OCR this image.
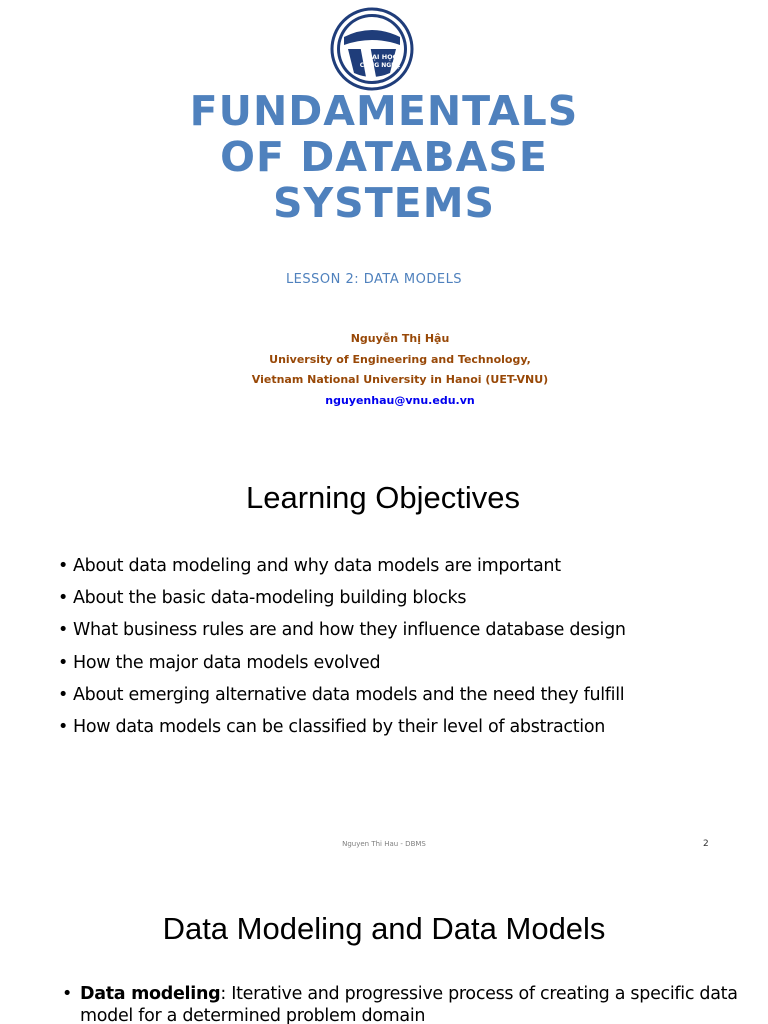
ĐẠI HỌC
CÔNG NGHỆ
FUNDAMENTALS
OF DATABASE
SYSTEMS
LESSON 2: DATA MODELS
Nguyễn Thị Hậu
University of Engineering and Technology,
Vietnam National University in Hanoi (UET-VNU)
nguyenhau@vnu.edu.vn
Learning Objectives
• About data modeling and why data models are important
• About the basic data-modeling building blocks
• What business rules are and how they influence database design
• How the major data models evolved
• About emerging alternative data models and the need they fulfill
• How data models can be classified by their level of abstraction
Nguyen Thi Hau - DBMS	2
Data Modeling and Data Models
• Data modeling: Iterative and progressive process of creating a specific data model for a determined problem domain
